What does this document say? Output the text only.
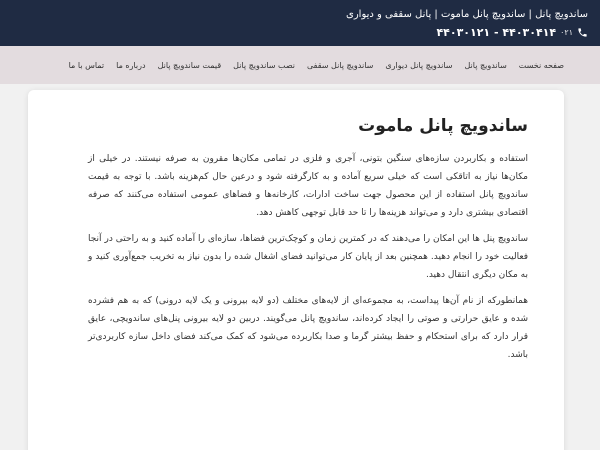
ساندویچ پانل | ساندویچ پانل ماموت | پانل سقفی و دیواری
۰۲۱
۴۴۰۳۰۴۱۴ - ۴۴۰۳۰۱۲۱
صفحه نخست
ساندویچ پانل
ساندویچ پانل دیواری
ساندویچ پانل سقفی
نصب ساندویچ پانل
قیمت ساندویچ پانل
درباره ما
تماس با ما
ساندویچ پانل ماموت

استفاده و بکاربردن سازه‌های سنگین بتونی، آجری و فلزی در تمامی مکان‌ها مقرون به صرفه نیستند. در خیلی از مکان‌ها نیاز به اتاقکی است که خیلی سریع آماده و به کارگرفته شود و درعین حال کم‌هزینه باشد. با توجه به قیمت ساندویچ پانل استفاده از این محصول جهت ساخت ادارات، کارخانه‌ها و فضاهای عمومی استفاده می‌کنند که صرفه اقتصادی بیشتری دارد و می‌تواند هزینه‌ها را تا حد قابل توجهی کاهش دهد.

ساندویچ پنل ها این امکان را می‌دهند که در کمترین زمان و کوچک‌ترین فضاها، سازه‌ای را آماده کنید و به راحتی در آنجا فعالیت خود را انجام دهید. همچنین بعد از پایان کار می‌توانید فضای اشغال شده را بدون نیاز به تخریب جمع‌آوری کنید و به مکان دیگری انتقال دهید.

همانطورکه از نام آن‌ها پیداست، به مجموعه‌ای از لایه‌های مختلف (دو لایه بیرونی و یک لایه درونی) که به هم فشرده شده و عایق حرارتی و صوتی را ایجاد کرده‌اند، ساندویچ پانل می‌گویند. دربین دو لایه بیرونی پنل‌های ساندویچی، عایق قرار دارد که برای استحکام و حفظ بیشتر گرما و صدا بکاربرده می‌شود که کمک می‌کند فضای داخل سازه کاربردی‌تر باشد.
